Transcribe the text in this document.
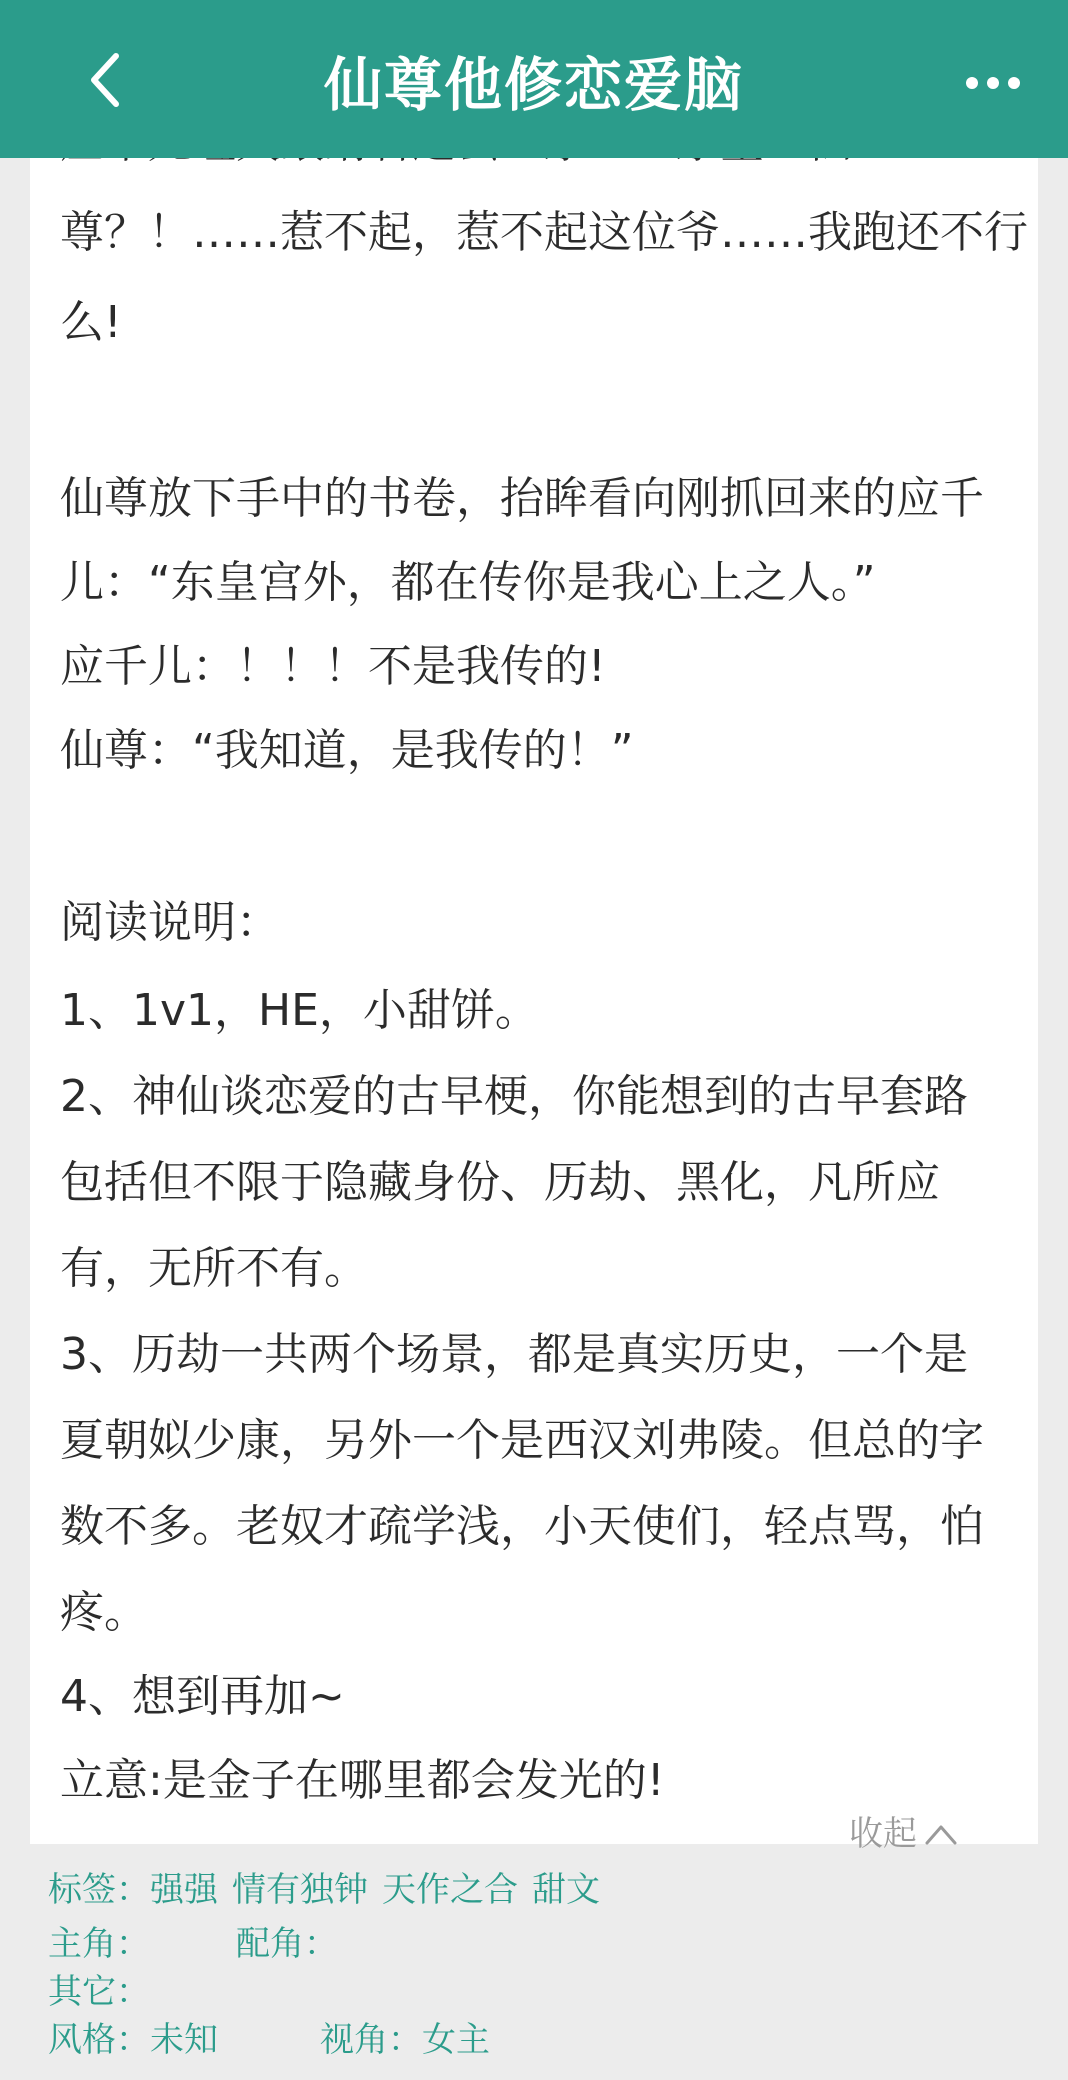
尊？！……惹不起，惹不起这位爷……我跑还不行
么!
仙尊放下手中的书卷，抬眸看向刚抓回来的应千
儿：“东皇宫外，都在传你是我心上之人。”
应千儿：！！！不是我传的!
仙尊：“我知道，是我传的！”
阅读说明：
1、1v1，HE，小甜饼。
2、神仙谈恋爱的古早梗，你能想到的古早套路
包括但不限于隐藏身份、历劫、黑化，凡所应
有，无所不有。
3、历劫一共两个场景，都是真实历史，一个是
夏朝姒少康，另外一个是西汉刘弗陵。但总的字
数不多。老奴才疏学浅，小天使们，轻点骂，怕
疼。
4、想到再加~
立意:是金子在哪里都会发光的!
仙尊他修恋爱脑
收起
标签：强强 情有独钟 天作之合 甜文
主角：	配角：
其它：
风格：未知	视角：女主
